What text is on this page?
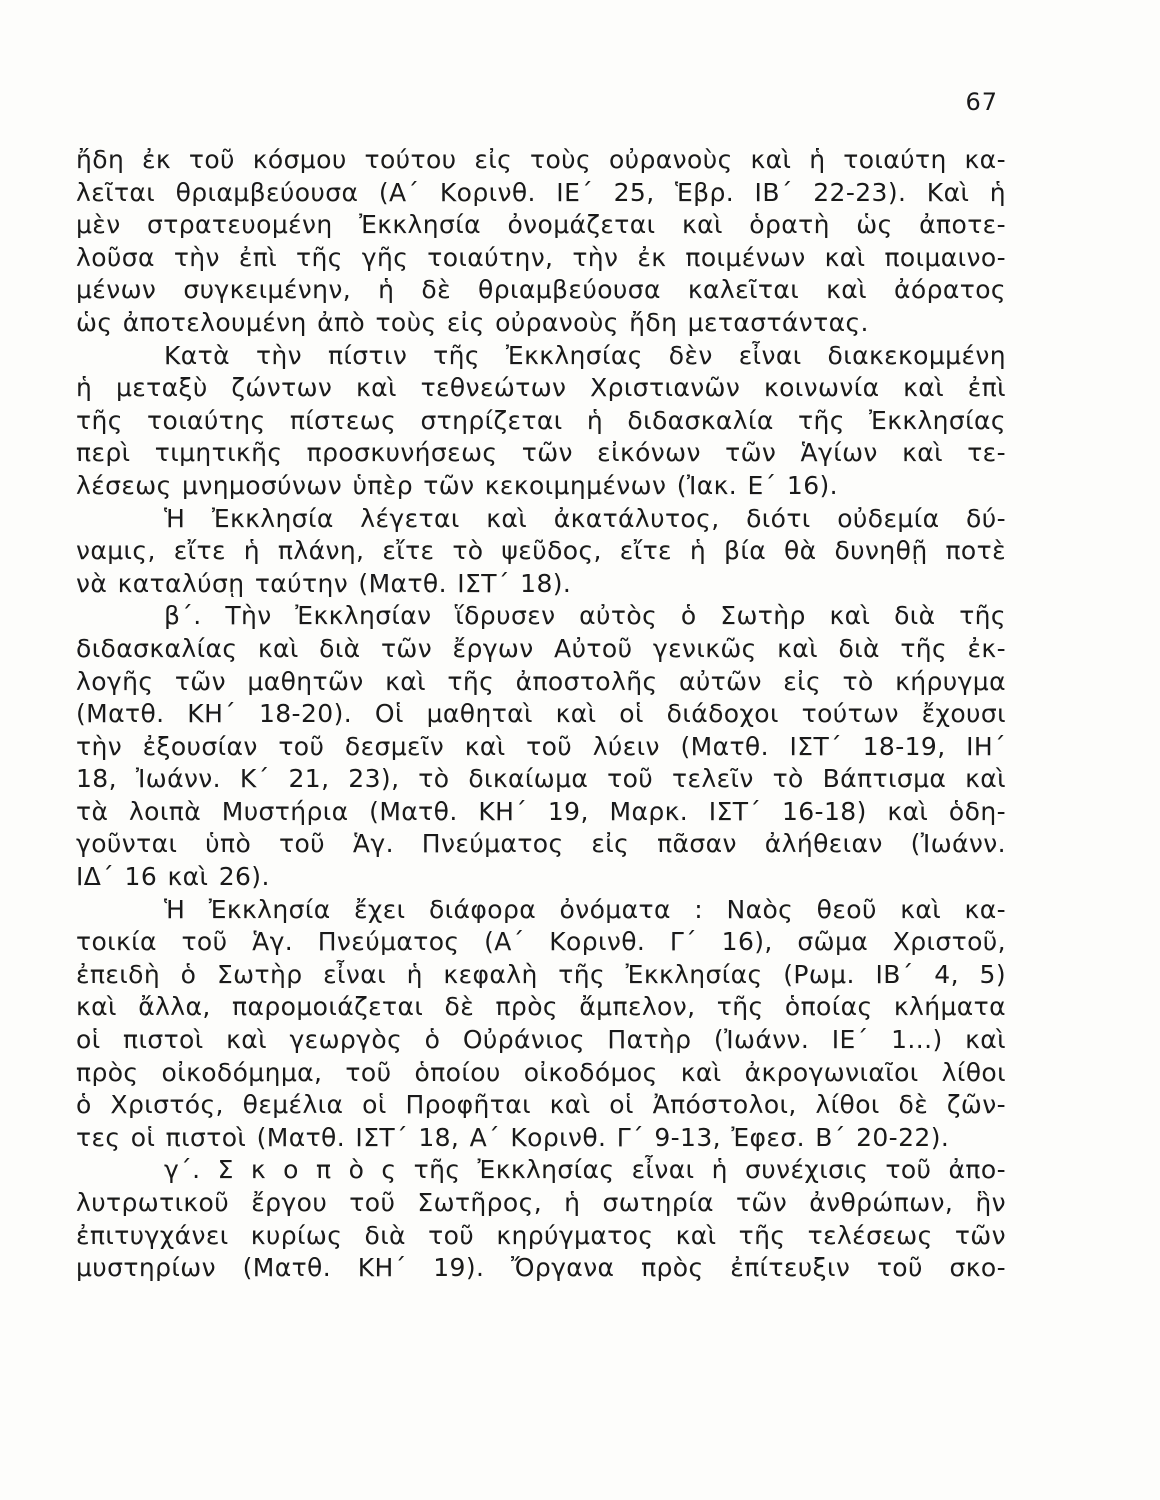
67
ἤδη ἐκ τοῦ κόσμου τούτου εἰς τοὺς οὐρανοὺς καὶ ἡ τοιαύτη κα-
λεῖται θριαμβεύουσα (Α΄ Κορινθ. ΙΕ΄ 25, Ἑβρ. ΙΒ΄ 22-23). Καὶ ἡ
μὲν στρατευομένη Ἐκκλησία ὀνομάζεται καὶ ὁρατὴ ὡς ἀποτε-
λοῦσα τὴν ἐπὶ τῆς γῆς τοιαύτην, τὴν ἐκ ποιμένων καὶ ποιμαινο-
μένων συγκειμένην, ἡ δὲ θριαμβεύουσα καλεῖται καὶ ἀόρατος
ὡς ἀποτελουμένη ἀπὸ τοὺς εἰς οὐρανοὺς ἤδη μεταστάντας.
Κατὰ τὴν πίστιν τῆς Ἐκκλησίας δὲν εἶναι διακεκομμένη
ἡ μεταξὺ ζώντων καὶ τεθνεώτων Χριστιανῶν κοινωνία καὶ ἐπὶ
τῆς τοιαύτης πίστεως στηρίζεται ἡ διδασκαλία τῆς Ἐκκλησίας
περὶ τιμητικῆς προσκυνήσεως τῶν εἰκόνων τῶν Ἁγίων καὶ τε-
λέσεως μνημοσύνων ὑπὲρ τῶν κεκοιμημένων (Ἰακ. Ε΄ 16).
Ἡ Ἐκκλησία λέγεται καὶ ἀκατάλυτος, διότι οὐδεμία δύ-
ναμις, εἴτε ἡ πλάνη, εἴτε τὸ ψεῦδος, εἴτε ἡ βία θὰ δυνηθῇ ποτὲ
νὰ καταλύσῃ ταύτην (Ματθ. ΙΣΤ΄ 18).
β΄. Τὴν Ἐκκλησίαν ἵδρυσεν αὐτὸς ὁ Σωτὴρ καὶ διὰ τῆς
διδασκαλίας καὶ διὰ τῶν ἔργων Αὐτοῦ γενικῶς καὶ διὰ τῆς ἐκ-
λογῆς τῶν μαθητῶν καὶ τῆς ἀποστολῆς αὐτῶν εἰς τὸ κήρυγμα
(Ματθ. ΚΗ΄ 18-20). Οἱ μαθηταὶ καὶ οἱ διάδοχοι τούτων ἔχουσι
τὴν ἐξουσίαν τοῦ δεσμεῖν καὶ τοῦ λύειν (Ματθ. ΙΣΤ΄ 18-19, ΙΗ΄
18, Ἰωάνν. Κ΄ 21, 23), τὸ δικαίωμα τοῦ τελεῖν τὸ Βάπτισμα καὶ
τὰ λοιπὰ Μυστήρια (Ματθ. ΚΗ΄ 19, Μαρκ. ΙΣΤ΄ 16-18) καὶ ὁδη-
γοῦνται ὑπὸ τοῦ Ἁγ. Πνεύματος εἰς πᾶσαν ἀλήθειαν (Ἰωάνν.
ΙΔ΄ 16 καὶ 26).
Ἡ Ἐκκλησία ἔχει διάφορα ὀνόματα : Ναὸς θεοῦ καὶ κα-
τοικία τοῦ Ἁγ. Πνεύματος (Α΄ Κορινθ. Γ΄ 16), σῶμα Χριστοῦ,
ἐπειδὴ ὁ Σωτὴρ εἶναι ἡ κεφαλὴ τῆς Ἐκκλησίας (Ρωμ. ΙΒ΄ 4, 5)
καὶ ἄλλα, παρομοιάζεται δὲ πρὸς ἄμπελον, τῆς ὁποίας κλήματα
οἱ πιστοὶ καὶ γεωργὸς ὁ Οὐράνιος Πατὴρ (Ἰωάνν. ΙΕ΄ 1...) καὶ
πρὸς οἰκοδόμημα, τοῦ ὁποίου οἰκοδόμος καὶ ἀκρογωνιαῖοι λίθοι
ὁ Χριστός, θεμέλια οἱ Προφῆται καὶ οἱ Ἀπόστολοι, λίθοι δὲ ζῶν-
τες οἱ πιστοὶ (Ματθ. ΙΣΤ΄ 18, Α΄ Κορινθ. Γ΄ 9-13, Ἐφεσ. Β΄ 20-22).
γ΄. Σ κ ο π ὸ ς τῆς Ἐκκλησίας εἶναι ἡ συνέχισις τοῦ ἀπο-
λυτρωτικοῦ ἔργου τοῦ Σωτῆρος, ἡ σωτηρία τῶν ἀνθρώπων, ἣν
ἐπιτυγχάνει κυρίως διὰ τοῦ κηρύγματος καὶ τῆς τελέσεως τῶν
μυστηρίων (Ματθ. ΚΗ΄ 19). Ὄργανα πρὸς ἐπίτευξιν τοῦ σκο-
